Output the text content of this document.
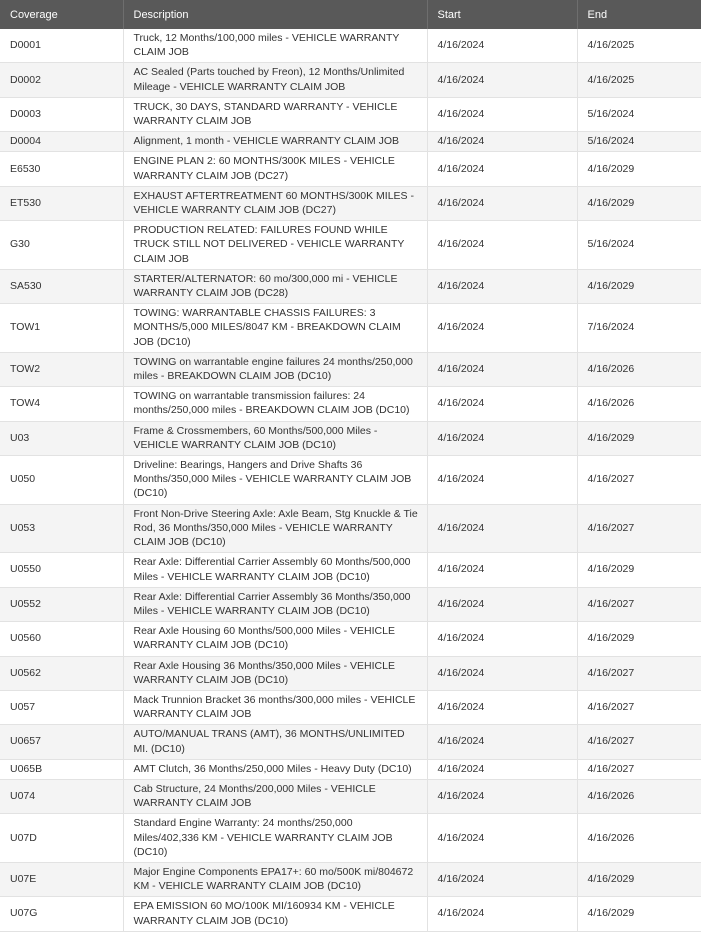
Coverage	Description	Start	End
D0001	Truck, 12 Months/100,000 miles - VEHICLE WARRANTY CLAIM JOB	4/16/2024	4/16/2025
D0002	AC Sealed (Parts touched by Freon), 12 Months/Unlimited Mileage - VEHICLE WARRANTY CLAIM JOB	4/16/2024	4/16/2025
D0003	TRUCK, 30 DAYS, STANDARD WARRANTY - VEHICLE WARRANTY CLAIM JOB	4/16/2024	5/16/2024
D0004	Alignment, 1 month - VEHICLE WARRANTY CLAIM JOB	4/16/2024	5/16/2024
E6530	ENGINE PLAN 2: 60 MONTHS/300K MILES - VEHICLE WARRANTY CLAIM JOB (DC27)	4/16/2024	4/16/2029
ET530	EXHAUST AFTERTREATMENT 60 MONTHS/300K MILES - VEHICLE WARRANTY CLAIM JOB (DC27)	4/16/2024	4/16/2029
G30	PRODUCTION RELATED: FAILURES FOUND WHILE TRUCK STILL NOT DELIVERED - VEHICLE WARRANTY CLAIM JOB	4/16/2024	5/16/2024
SA530	STARTER/ALTERNATOR: 60 mo/300,000 mi - VEHICLE WARRANTY CLAIM JOB (DC28)	4/16/2024	4/16/2029
TOW1	TOWING: WARRANTABLE CHASSIS FAILURES: 3 MONTHS/5,000 MILES/8047 KM - BREAKDOWN CLAIM JOB (DC10)	4/16/2024	7/16/2024
TOW2	TOWING on warrantable engine failures 24 months/250,000 miles - BREAKDOWN CLAIM JOB (DC10)	4/16/2024	4/16/2026
TOW4	TOWING on warrantable transmission failures: 24 months/250,000 miles - BREAKDOWN CLAIM JOB (DC10)	4/16/2024	4/16/2026
U03	Frame & Crossmembers, 60 Months/500,000 Miles - VEHICLE WARRANTY CLAIM JOB (DC10)	4/16/2024	4/16/2029
U050	Driveline: Bearings, Hangers and Drive Shafts 36 Months/350,000 Miles - VEHICLE WARRANTY CLAIM JOB (DC10)	4/16/2024	4/16/2027
U053	Front Non-Drive Steering Axle: Axle Beam, Stg Knuckle & Tie Rod, 36 Months/350,000 Miles - VEHICLE WARRANTY CLAIM JOB (DC10)	4/16/2024	4/16/2027
U0550	Rear Axle: Differential Carrier Assembly 60 Months/500,000 Miles - VEHICLE WARRANTY CLAIM JOB (DC10)	4/16/2024	4/16/2029
U0552	Rear Axle: Differential Carrier Assembly 36 Months/350,000 Miles - VEHICLE WARRANTY CLAIM JOB (DC10)	4/16/2024	4/16/2027
U0560	Rear Axle Housing 60 Months/500,000 Miles - VEHICLE WARRANTY CLAIM JOB (DC10)	4/16/2024	4/16/2029
U0562	Rear Axle Housing 36 Months/350,000 Miles - VEHICLE WARRANTY CLAIM JOB (DC10)	4/16/2024	4/16/2027
U057	Mack Trunnion Bracket 36 months/300,000 miles - VEHICLE WARRANTY CLAIM JOB	4/16/2024	4/16/2027
U0657	AUTO/MANUAL TRANS (AMT), 36 MONTHS/UNLIMITED MI. (DC10)	4/16/2024	4/16/2027
U065B	AMT Clutch, 36 Months/250,000 Miles - Heavy Duty (DC10)	4/16/2024	4/16/2027
U074	Cab Structure, 24 Months/200,000 Miles - VEHICLE WARRANTY CLAIM JOB	4/16/2024	4/16/2026
U07D	Standard Engine Warranty: 24 months/250,000 Miles/402,336 KM - VEHICLE WARRANTY CLAIM JOB (DC10)	4/16/2024	4/16/2026
U07E	Major Engine Components EPA17+: 60 mo/500K mi/804672 KM - VEHICLE WARRANTY CLAIM JOB (DC10)	4/16/2024	4/16/2029
U07G	EPA EMISSION 60 MO/100K MI/160934 KM - VEHICLE WARRANTY CLAIM JOB (DC10)	4/16/2024	4/16/2029
